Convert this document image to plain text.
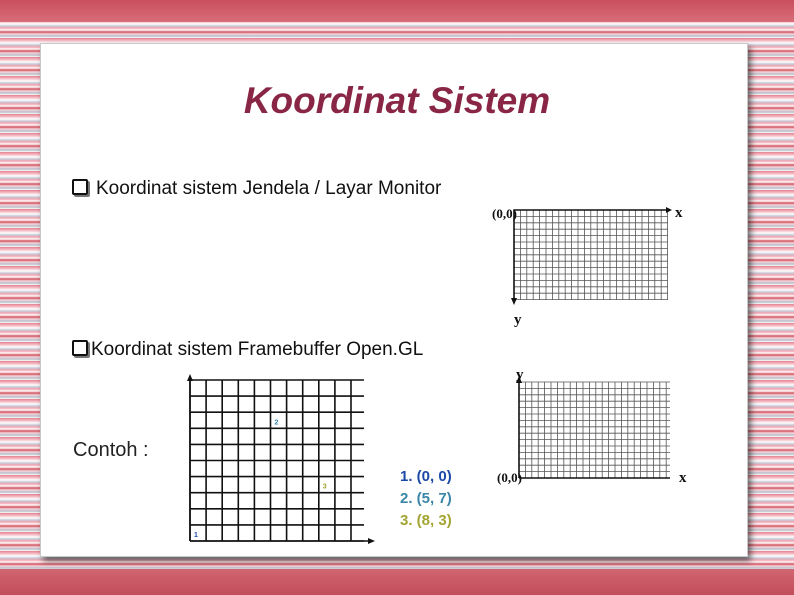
Koordinat Sistem
Koordinat sistem Jendela / Layar Monitor
(0,0)	x
y
Koordinat sistem Framebuffer Open.GL
y
(0,0)	x
Contoh :
1
2
3
1. (0, 0)
2. (5, 7)
3. (8, 3)
